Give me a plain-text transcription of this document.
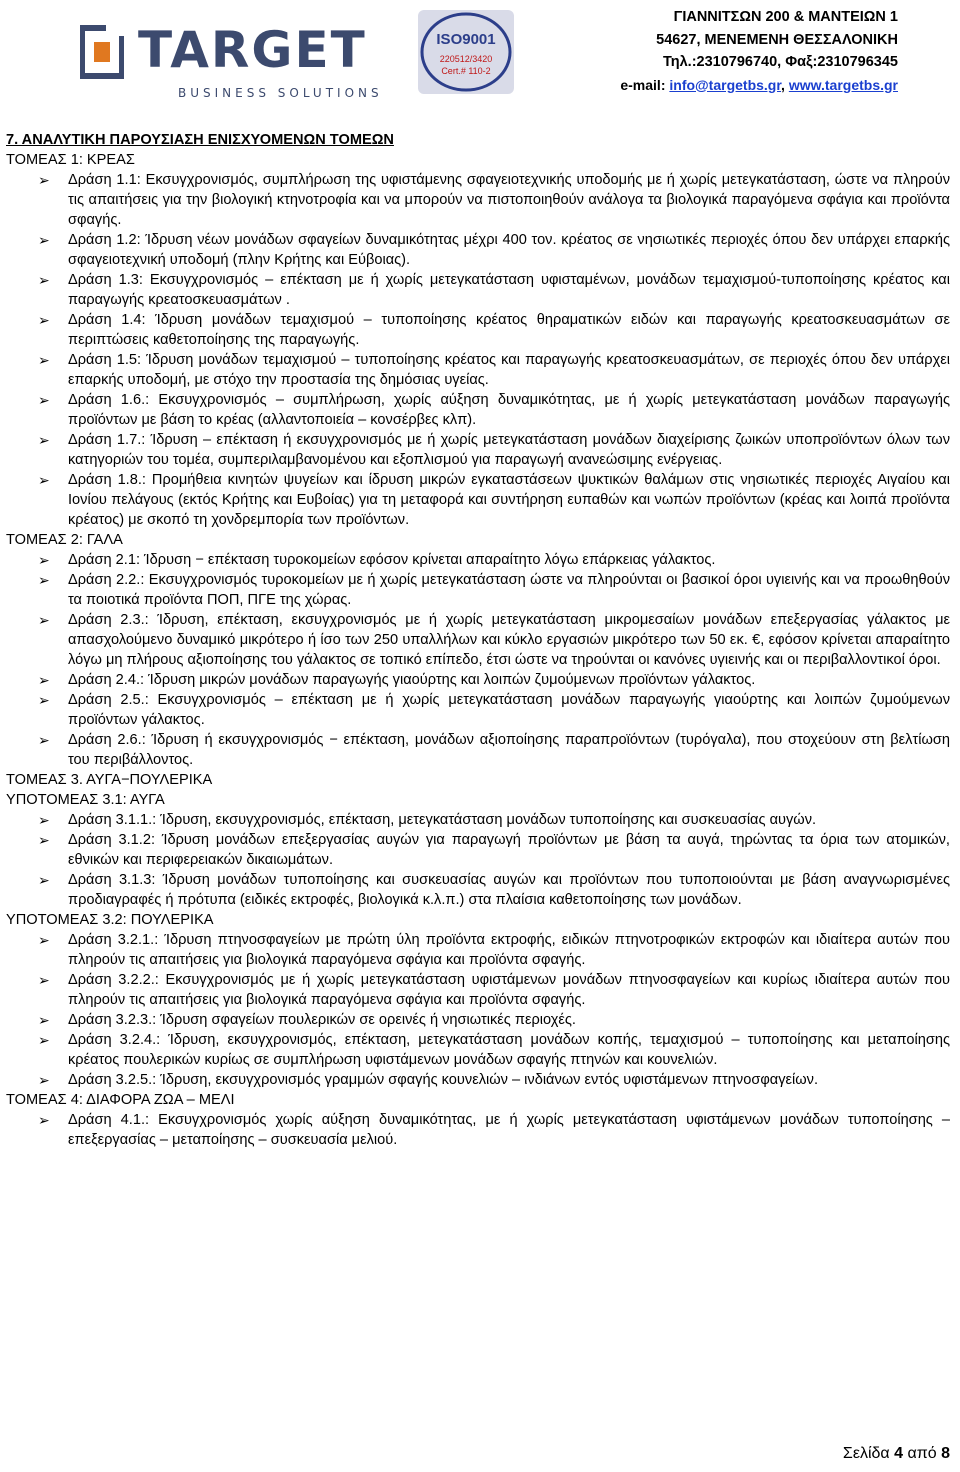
TARGET
BUSINESS SOLUTIONS
ISO9001
220512/3420
Cert.# 110-2
ΓΙΑΝΝΙΤΣΩΝ 200 & ΜΑΝΤΕΙΩΝ 1
54627, ΜΕΝΕΜΕΝΗ ΘΕΣΣΑΛΟΝΙΚΗ
Τηλ.:2310796740, Φαξ:2310796345
e-mail: info@targetbs.gr, www.targetbs.gr

7. ΑΝΑΛΥΤΙΚΗ ΠΑΡΟΥΣΙΑΣΗ ΕΝΙΣΧΥΟΜΕΝΩΝ ΤΟΜΕΩΝ

ΤΟΜΕΑΣ 1: ΚΡΕΑΣ

➢ Δράση 1.1: Εκσυγχρονισμός, συμπλήρωση της υφιστάμενης σφαγειοτεχνικής υποδομής με ή χωρίς μετεγκατάσταση, ώστε να πληρούν τις απαιτήσεις για την βιολογική κτηνοτροφία και να μπορούν να πιστοποιηθούν ανάλογα τα βιολογικά παραγόμενα σφάγια και προϊόντα σφαγής.
➢ Δράση 1.2: Ίδρυση νέων μονάδων σφαγείων δυναμικότητας μέχρι 400 τον. κρέατος σε νησιωτικές περιοχές όπου δεν υπάρχει επαρκής σφαγειοτεχνική υποδομή (πλην Κρήτης και Εύβοιας).
➢ Δράση 1.3: Εκσυγχρονισμός – επέκταση με ή χωρίς μετεγκατάσταση υφισταμένων, μονάδων τεμαχισμού-τυποποίησης κρέατος και παραγωγής κρεατοσκευασμάτων .
➢ Δράση 1.4: Ίδρυση μονάδων τεμαχισμού – τυποποίησης κρέατος θηραματικών ειδών και παραγωγής κρεατοσκευασμάτων σε περιπτώσεις καθετοποίησης της παραγωγής.
➢ Δράση 1.5: Ίδρυση μονάδων τεμαχισμού – τυποποίησης κρέατος και παραγωγής κρεατοσκευασμάτων, σε περιοχές όπου δεν υπάρχει επαρκής υποδομή, με στόχο την προστασία της δημόσιας υγείας.
➢ Δράση 1.6.: Εκσυγχρονισμός – συμπλήρωση, χωρίς αύξηση δυναμικότητας, με ή χωρίς μετεγκατάσταση μονάδων παραγωγής προϊόντων με βάση το κρέας (αλλαντοποιεία – κονσέρβες κλπ).
➢ Δράση 1.7.: Ίδρυση – επέκταση ή εκσυγχρονισμός με ή χωρίς μετεγκατάσταση μονάδων διαχείρισης ζωικών υποπροϊόντων όλων των κατηγοριών του τομέα, συμπεριλαμβανομένου και εξοπλισμού για παραγωγή ανανεώσιμης ενέργειας.
➢ Δράση 1.8.: Προμήθεια κινητών ψυγείων και ίδρυση μικρών εγκαταστάσεων ψυκτικών θαλάμων στις νησιωτικές περιοχές Αιγαίου και Ιονίου πελάγους (εκτός Κρήτης και Ευβοίας) για τη μεταφορά και συντήρηση ευπαθών και νωπών προϊόντων (κρέας και λοιπά προϊόντα κρέατος) με σκοπό τη χονδρεμπορία των προϊόντων.

ΤΟΜΕΑΣ 2: ΓΑΛΑ

➢ Δράση 2.1: Ίδρυση − επέκταση τυροκομείων εφόσον κρίνεται απαραίτητο λόγω επάρκειας γάλακτος.
➢ Δράση 2.2.: Εκσυγχρονισμός τυροκομείων με ή χωρίς μετεγκατάσταση ώστε να πληρούνται οι βασικοί όροι υγιεινής και να προωθηθούν τα ποιοτικά προϊόντα ΠΟΠ, ΠΓΕ της χώρας.
➢ Δράση 2.3.: Ίδρυση, επέκταση, εκσυγχρονισμός με ή χωρίς μετεγκατάσταση μικρομεσαίων μονάδων επεξεργασίας γάλακτος με απασχολούμενο δυναμικό μικρότερο ή ίσο των 250 υπαλλήλων και κύκλο εργασιών μικρότερο των 50 εκ. €, εφόσον κρίνεται απαραίτητο λόγω μη πλήρους αξιοποίησης του γάλακτος σε τοπικό επίπεδο, έτσι ώστε να τηρούνται οι κανόνες υγιεινής και οι περιβαλλοντικοί όροι.
➢ Δράση 2.4.: Ίδρυση μικρών μονάδων παραγωγής γιαούρτης και λοιπών ζυμούμενων προϊόντων γάλακτος.
➢ Δράση 2.5.: Εκσυγχρονισμός – επέκταση με ή χωρίς μετεγκατάσταση μονάδων παραγωγής γιαούρτης και λοιπών ζυμούμενων προϊόντων γάλακτος.
➢ Δράση 2.6.: Ίδρυση ή εκσυγχρονισμός − επέκταση, μονάδων αξιοποίησης παραπροϊόντων (τυρόγαλα), που στοχεύουν στη βελτίωση του περιβάλλοντος.

ΤΟΜΕΑΣ 3. ΑΥΓΑ−ΠΟΥΛΕΡΙΚΑ

ΥΠΟΤΟΜΕΑΣ 3.1: ΑΥΓΑ

➢ Δράση 3.1.1.: Ίδρυση, εκσυγχρονισμός, επέκταση, μετεγκατάσταση μονάδων τυποποίησης και συσκευασίας αυγών.
➢ Δράση 3.1.2: Ίδρυση μονάδων επεξεργασίας αυγών για παραγωγή προϊόντων με βάση τα αυγά, τηρώντας τα όρια των ατομικών, εθνικών και περιφερειακών δικαιωμάτων.
➢ Δράση 3.1.3: Ίδρυση μονάδων τυποποίησης και συσκευασίας αυγών και προϊόντων που τυποποιούνται με βάση αναγνωρισμένες προδιαγραφές ή πρότυπα (ειδικές εκτροφές, βιολογικά κ.λ.π.) στα πλαίσια καθετοποίησης των μονάδων.

ΥΠΟΤΟΜΕΑΣ 3.2: ΠΟΥΛΕΡΙΚΑ

➢ Δράση 3.2.1.: Ίδρυση πτηνοσφαγείων με πρώτη ύλη προϊόντα εκτροφής, ειδικών πτηνοτροφικών εκτροφών και ιδιαίτερα αυτών που πληρούν τις απαιτήσεις για βιολογικά παραγόμενα σφάγια και προϊόντα σφαγής.
➢ Δράση 3.2.2.: Εκσυγχρονισμός με ή χωρίς μετεγκατάσταση υφιστάμενων μονάδων πτηνοσφαγείων και κυρίως ιδιαίτερα αυτών που πληρούν τις απαιτήσεις για βιολογικά παραγόμενα σφάγια και προϊόντα σφαγής.
➢ Δράση 3.2.3.: Ίδρυση σφαγείων πουλερικών σε ορεινές ή νησιωτικές περιοχές.
➢ Δράση 3.2.4.: Ίδρυση, εκσυγχρονισμός, επέκταση, μετεγκατάσταση μονάδων κοπής, τεμαχισμού – τυποποίησης και μεταποίησης κρέατος πουλερικών κυρίως σε συμπλήρωση υφιστάμενων μονάδων σφαγής πτηνών και κουνελιών.
➢ Δράση 3.2.5.: Ίδρυση, εκσυγχρονισμός γραμμών σφαγής κουνελιών – ινδιάνων εντός υφιστάμενων πτηνοσφαγείων.

ΤΟΜΕΑΣ 4: ΔΙΑΦΟΡΑ ΖΩΑ – ΜΕΛΙ

➢ Δράση 4.1.: Εκσυγχρονισμός χωρίς αύξηση δυναμικότητας, με ή χωρίς μετεγκατάσταση υφιστάμενων μονάδων τυποποίησης – επεξεργασίας – μεταποίησης – συσκευασία μελιού.
Σελίδα 4 από 8
